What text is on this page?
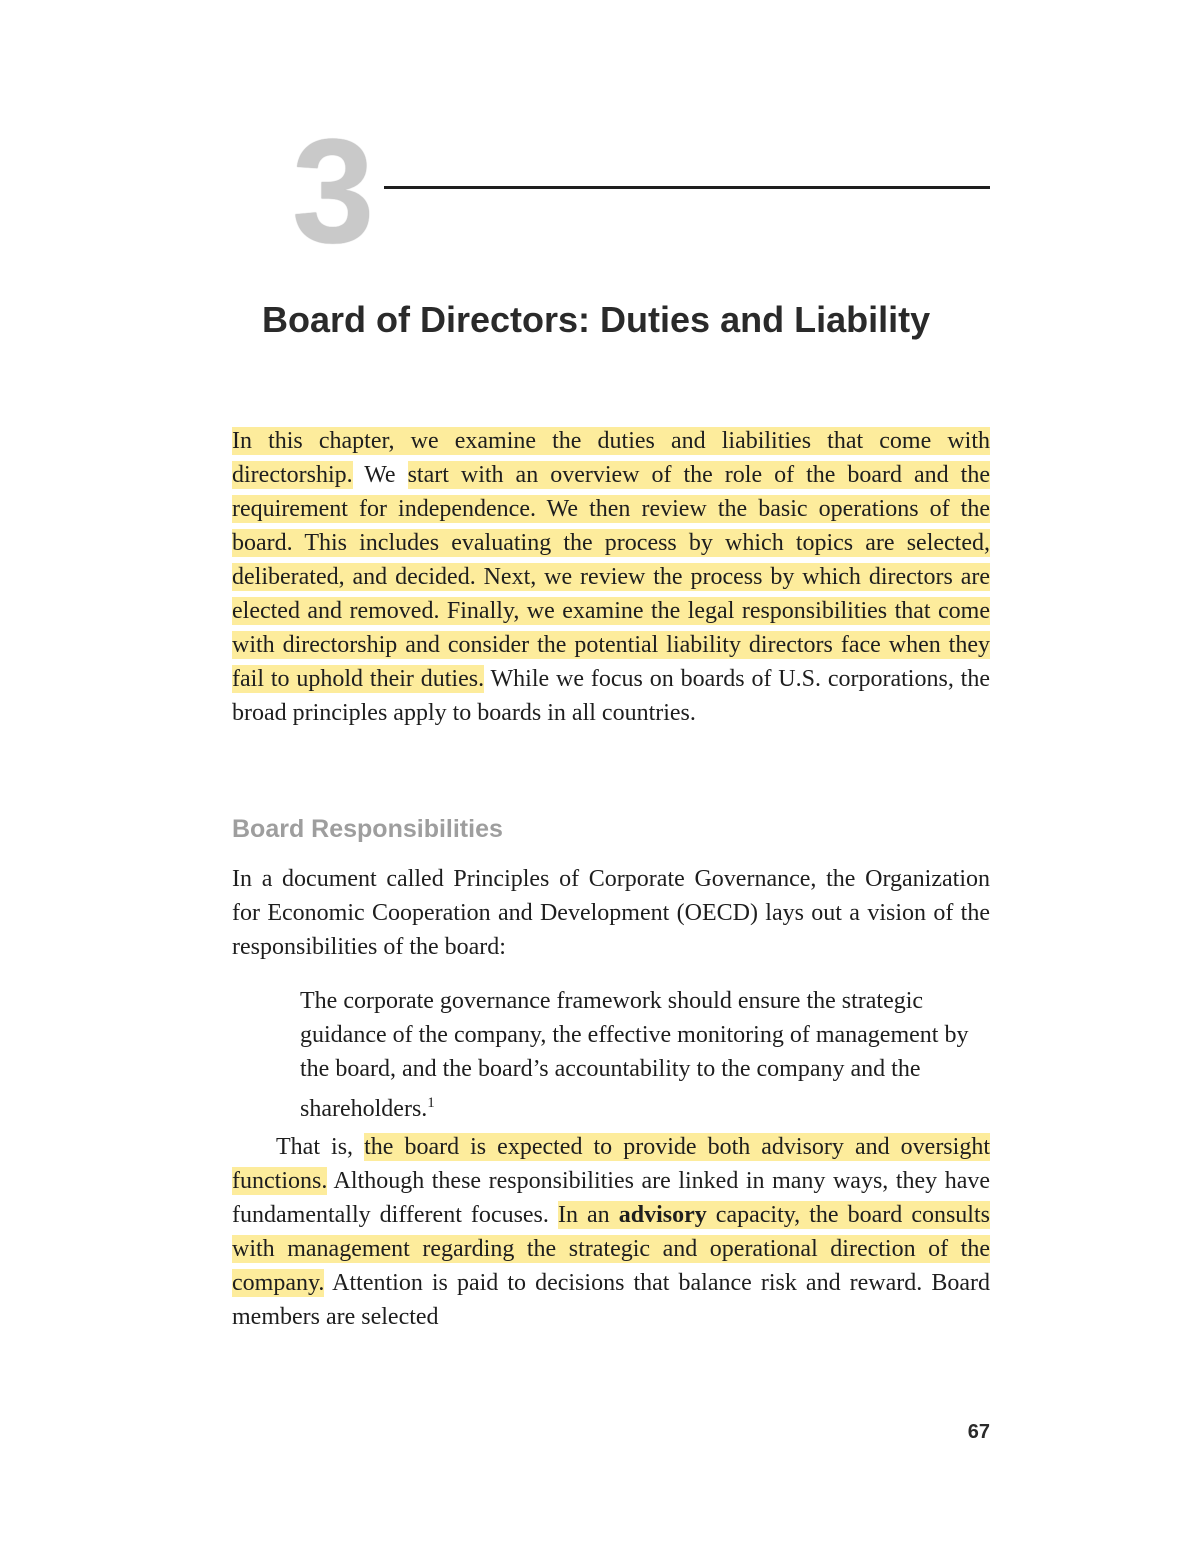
3
Board of Directors: Duties and Liability

In this chapter, we examine the duties and liabilities that come with directorship. We start with an overview of the role of the board and the requirement for independence. We then review the basic operations of the board. This includes evaluating the process by which topics are selected, deliberated, and decided. Next, we review the process by which directors are elected and removed. Finally, we examine the legal responsibilities that come with directorship and consider the potential liability directors face when they fail to uphold their duties. While we focus on boards of U.S. corporations, the broad principles apply to boards in all countries.

Board Responsibilities

In a document called Principles of Corporate Governance, the Organization for Economic Cooperation and Development (OECD) lays out a vision of the responsibilities of the board:

The corporate governance framework should ensure the strategic guidance of the company, the effective monitoring of management by the board, and the board’s accountability to the company and the shareholders.$^1$

That is, the board is expected to provide both advisory and oversight functions. Although these responsibilities are linked in many ways, they have fundamentally different focuses. In an advisory capacity, the board consults with management regarding the strategic and operational direction of the company. Attention is paid to decisions that balance risk and reward. Board members are selected

67
